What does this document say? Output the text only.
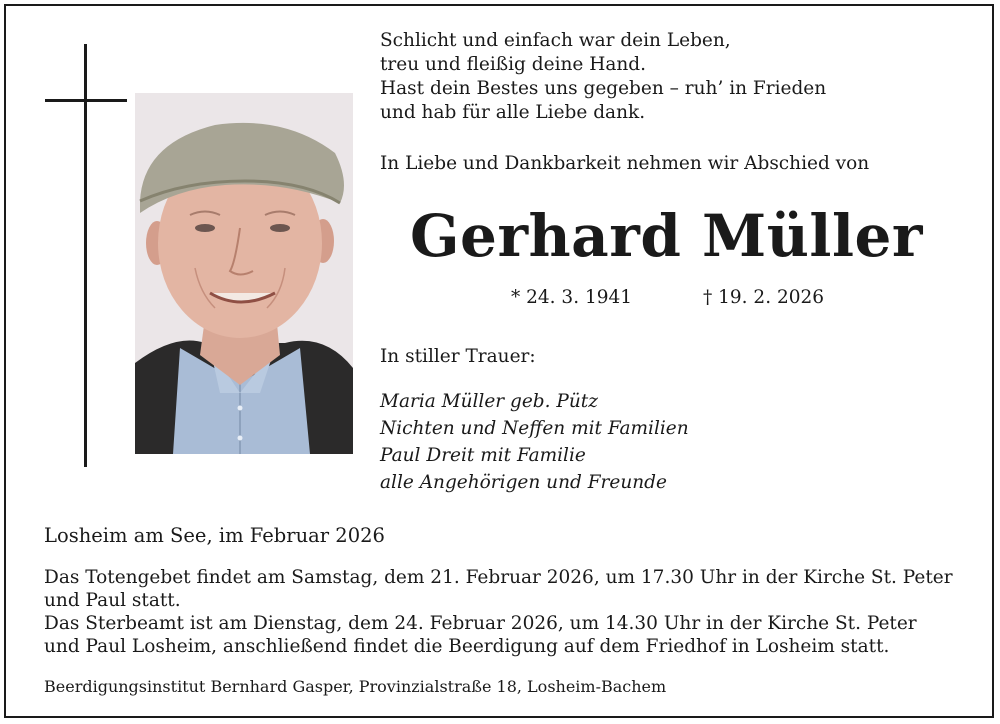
Schlicht und einfach war dein Leben,
treu und fleißig deine Hand.
Hast dein Bestes uns gegeben – ruh’ in Frieden
und hab für alle Liebe dank.
In Liebe und Dankbarkeit nehmen wir Abschied von
Gerhard Müller
* 24. 3. 1941	† 19. 2. 2026
In stiller Trauer:
Maria Müller geb. Pütz
Nichten und Neffen mit Familien
Paul Dreit mit Familie
alle Angehörigen und Freunde
Losheim am See, im Februar 2026
Das Totengebet findet am Samstag, dem 21. Februar 2026, um 17.30 Uhr in der Kirche St. Peter
und Paul statt.
Das Sterbeamt ist am Dienstag, dem 24. Februar 2026, um 14.30 Uhr in der Kirche St. Peter
und Paul Losheim, anschließend findet die Beerdigung auf dem Friedhof in Losheim statt.
Beerdigungsinstitut Bernhard Gasper, Provinzialstraße 18, Losheim-Bachem
